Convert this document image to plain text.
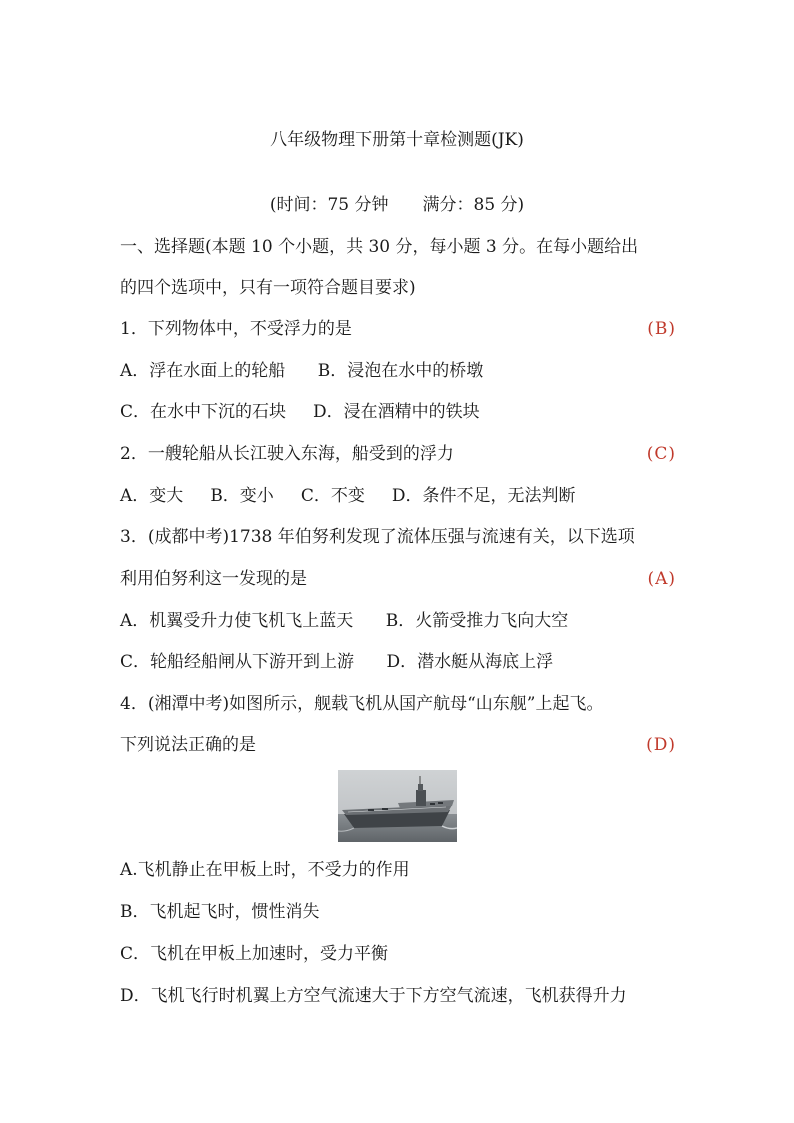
八年级物理下册第十章检测题(JK)
(时间：75 分钟 满分：85 分)
一、选择题(本题 10 个小题，共 30 分，每小题 3 分。在每小题给出
的四个选项中，只有一项符合题目要求)
1．下列物体中，不受浮力的是	(B)
A．浮在水面上的轮船 B．浸泡在水中的桥墩
C．在水中下沉的石块 D．浸在酒精中的铁块
2．一艘轮船从长江驶入东海，船受到的浮力	(C)
A．变大 B．变小 C．不变 D．条件不足，无法判断
3．(成都中考)1738 年伯努利发现了流体压强与流速有关，以下选项
利用伯努利这一发现的是	(A)
A．机翼受升力使飞机飞上蓝天 B．火箭受推力飞向大空
C．轮船经船闸从下游开到上游 D．潜水艇从海底上浮
4．(湘潭中考)如图所示，舰载飞机从国产航母“山东舰”上起飞。
下列说法正确的是	(D)
A.飞机静止在甲板上时，不受力的作用
B．飞机起飞时，惯性消失
C．飞机在甲板上加速时，受力平衡
D．飞机飞行时机翼上方空气流速大于下方空气流速，飞机获得升力
